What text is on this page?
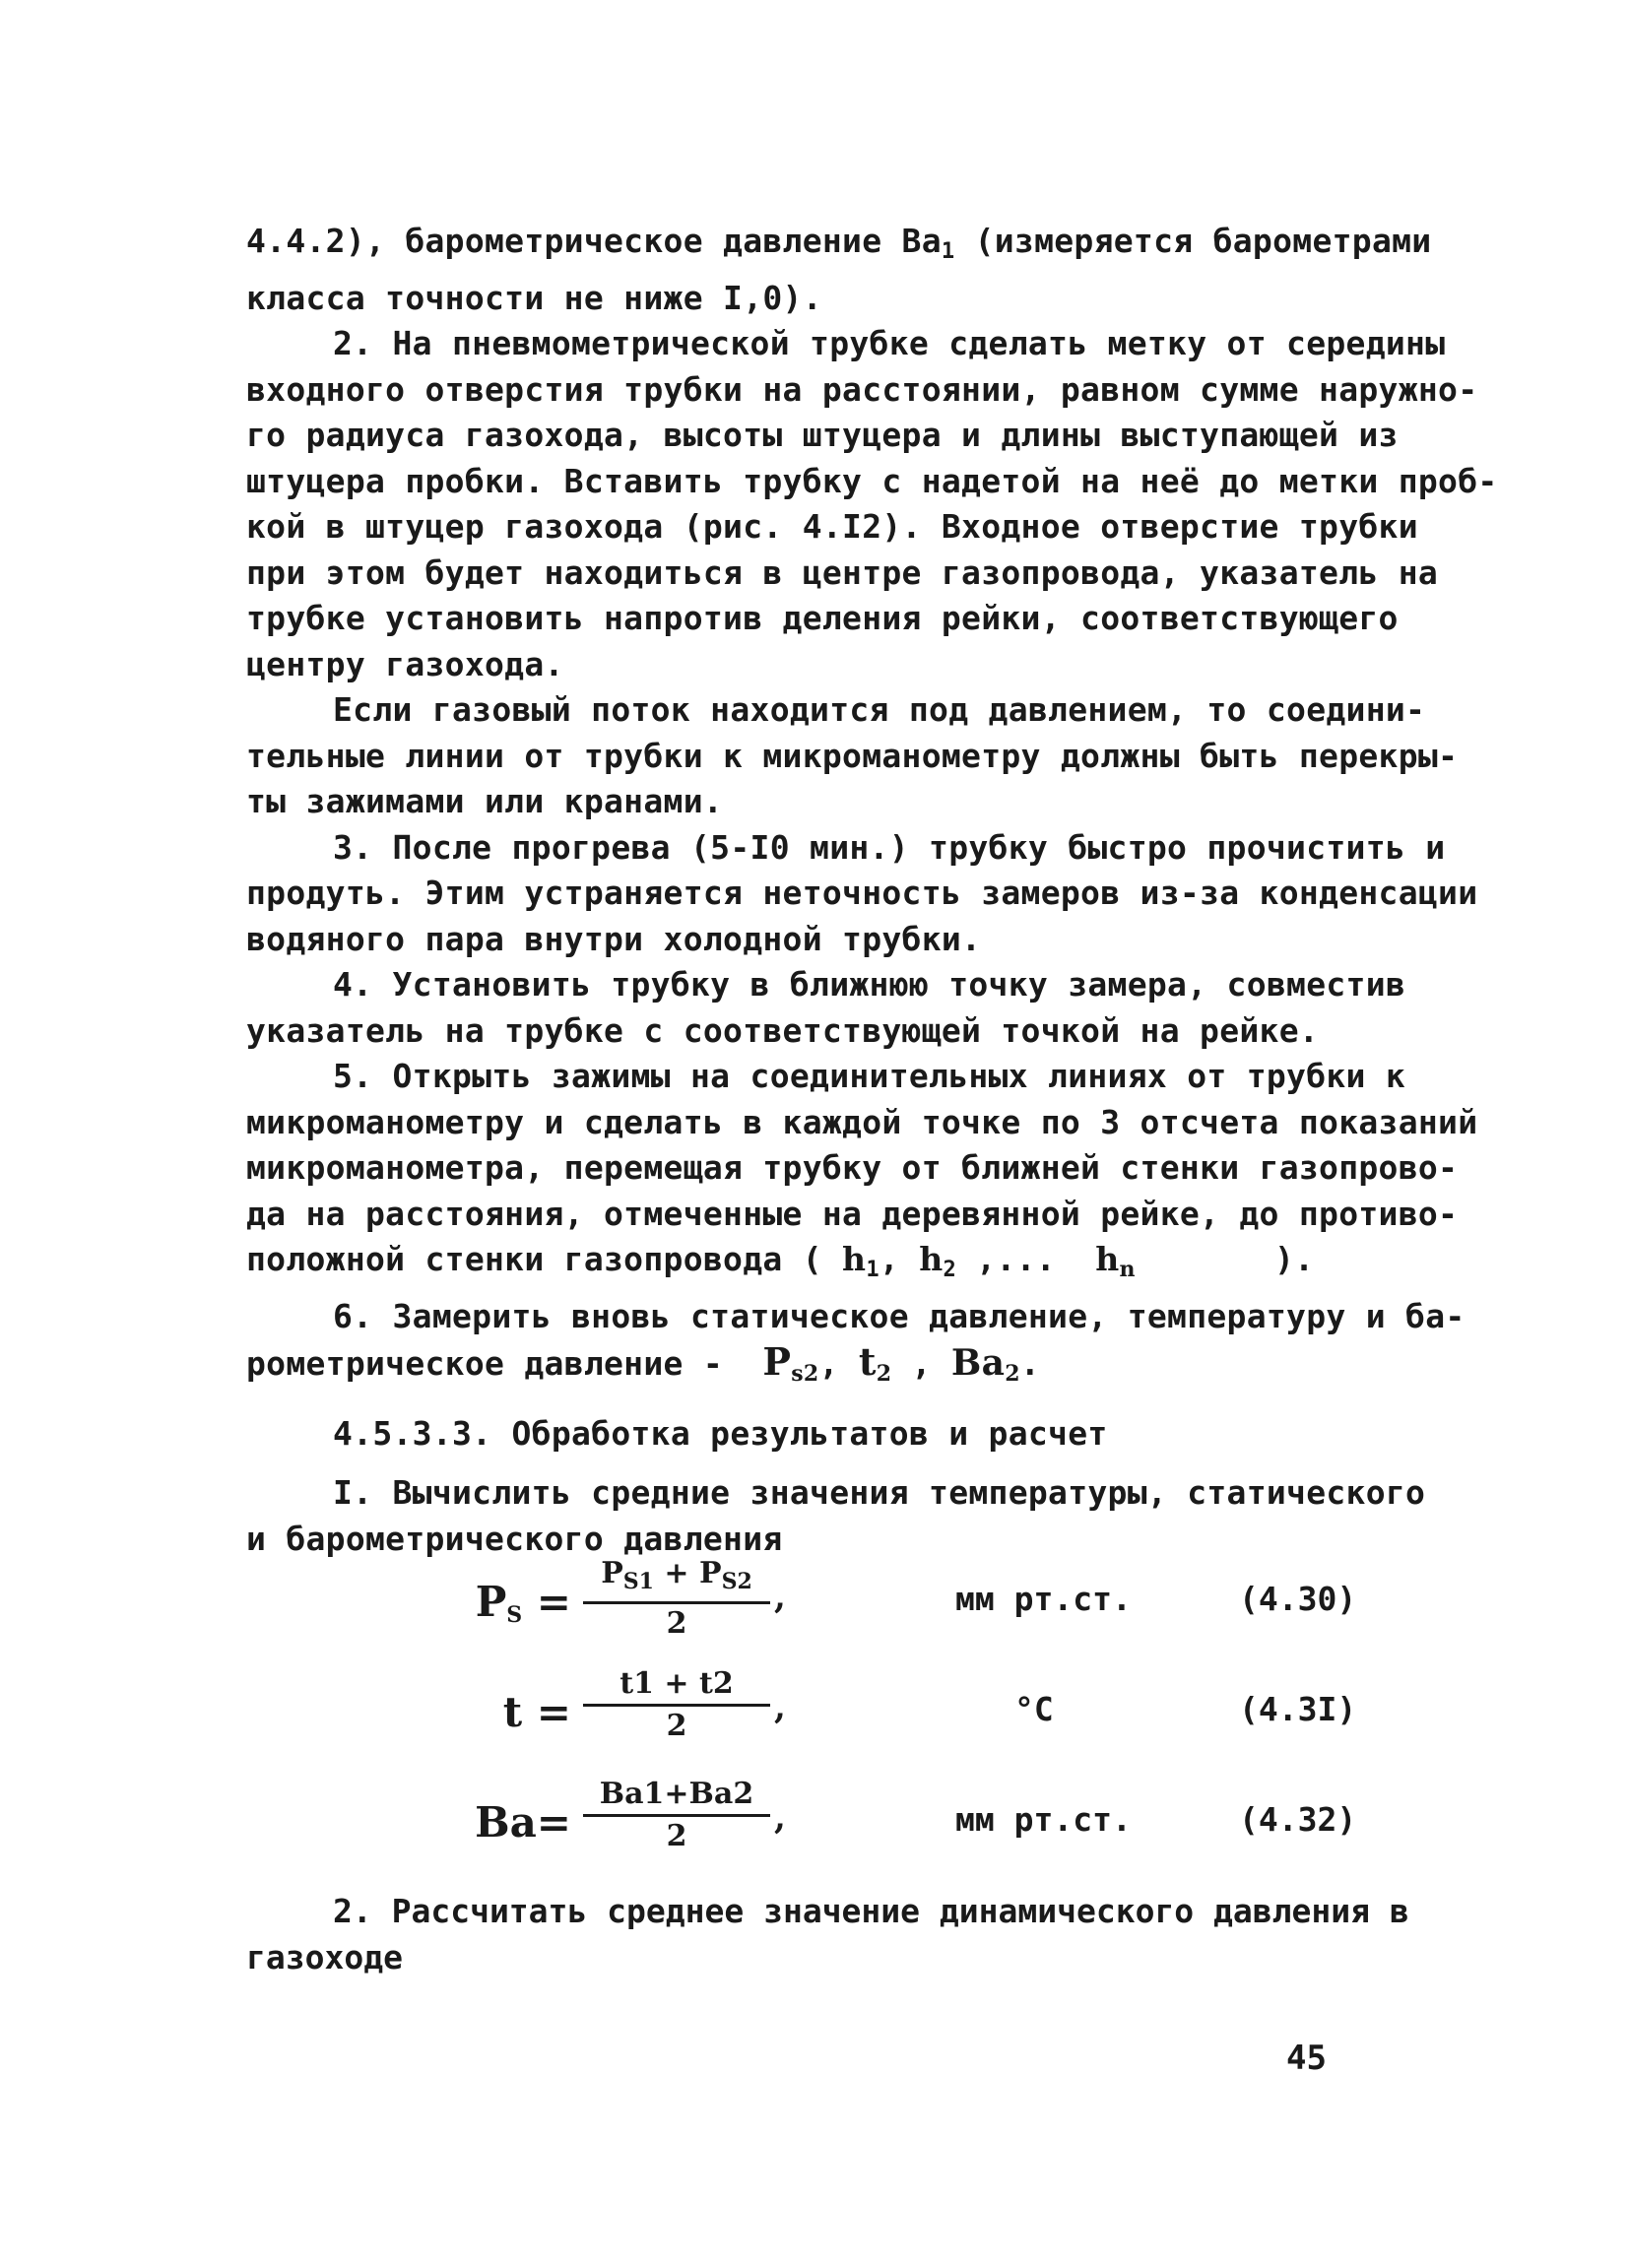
4.4.2), барометрическое давление $Ва_1$ (измеряется барометрами
класса точности не ниже I,0).
2. На пневмометрической трубке сделать метку от середины
входного отверстия трубки на расстоянии, равном сумме наружно-
го радиуса газохода, высоты штуцера и длины выступающей из
штуцера пробки. Вставить трубку с надетой на неё до метки проб-
кой в штуцер газохода (рис. 4.I2). Входное отверстие трубки
при этом будет находиться в центре газопровода, указатель на
трубке установить напротив деления рейки, соответствующего
центру газохода.
Если газовый поток находится под давлением, то соедини-
тельные линии от трубки к микроманометру должны быть перекры-
ты зажимами или кранами.
3. После прогрева (5-I0 мин.) трубку быстро прочистить и
продуть. Этим устраняется неточность замеров из-за конденсации
водяного пара внутри холодной трубки.
4. Установить трубку в ближнюю точку замера, совместив
указатель на трубке с соответствующей точкой на рейке.
5. Открыть зажимы на соединительных линиях от трубки к
микроманометру и сделать в каждой точке по 3 отсчета показаний
микроманометра, перемещая трубку от ближней стенки газопрово-
да на расстояния, отмеченные на деревянной рейке, до противо-
положной стенки газопровода ( $h_1$, $h_2$ ,...  $h_n$       ).
6. Замерить вновь статическое давление, температуру и ба-
рометрическое давление -  $P_{s2}$, $t_2$ , $Ba_2$.
4.5.3.3. Обработка результатов и расчет
I. Вычислить средние значения температуры, статического
и барометрического давления
$P_S = \frac{P_{S1} + P_{S2}}{2}$ ,	мм рт.ст.	(4.30)
$t = \frac{t1 + t2}{2}$ ,	°C	(4.3I)
$Ba= \frac{Ba1+Ba2}{2}$ ,	мм рт.ст.	(4.32)
2. Рассчитать среднее значение динамического давления в
газоходе
45
